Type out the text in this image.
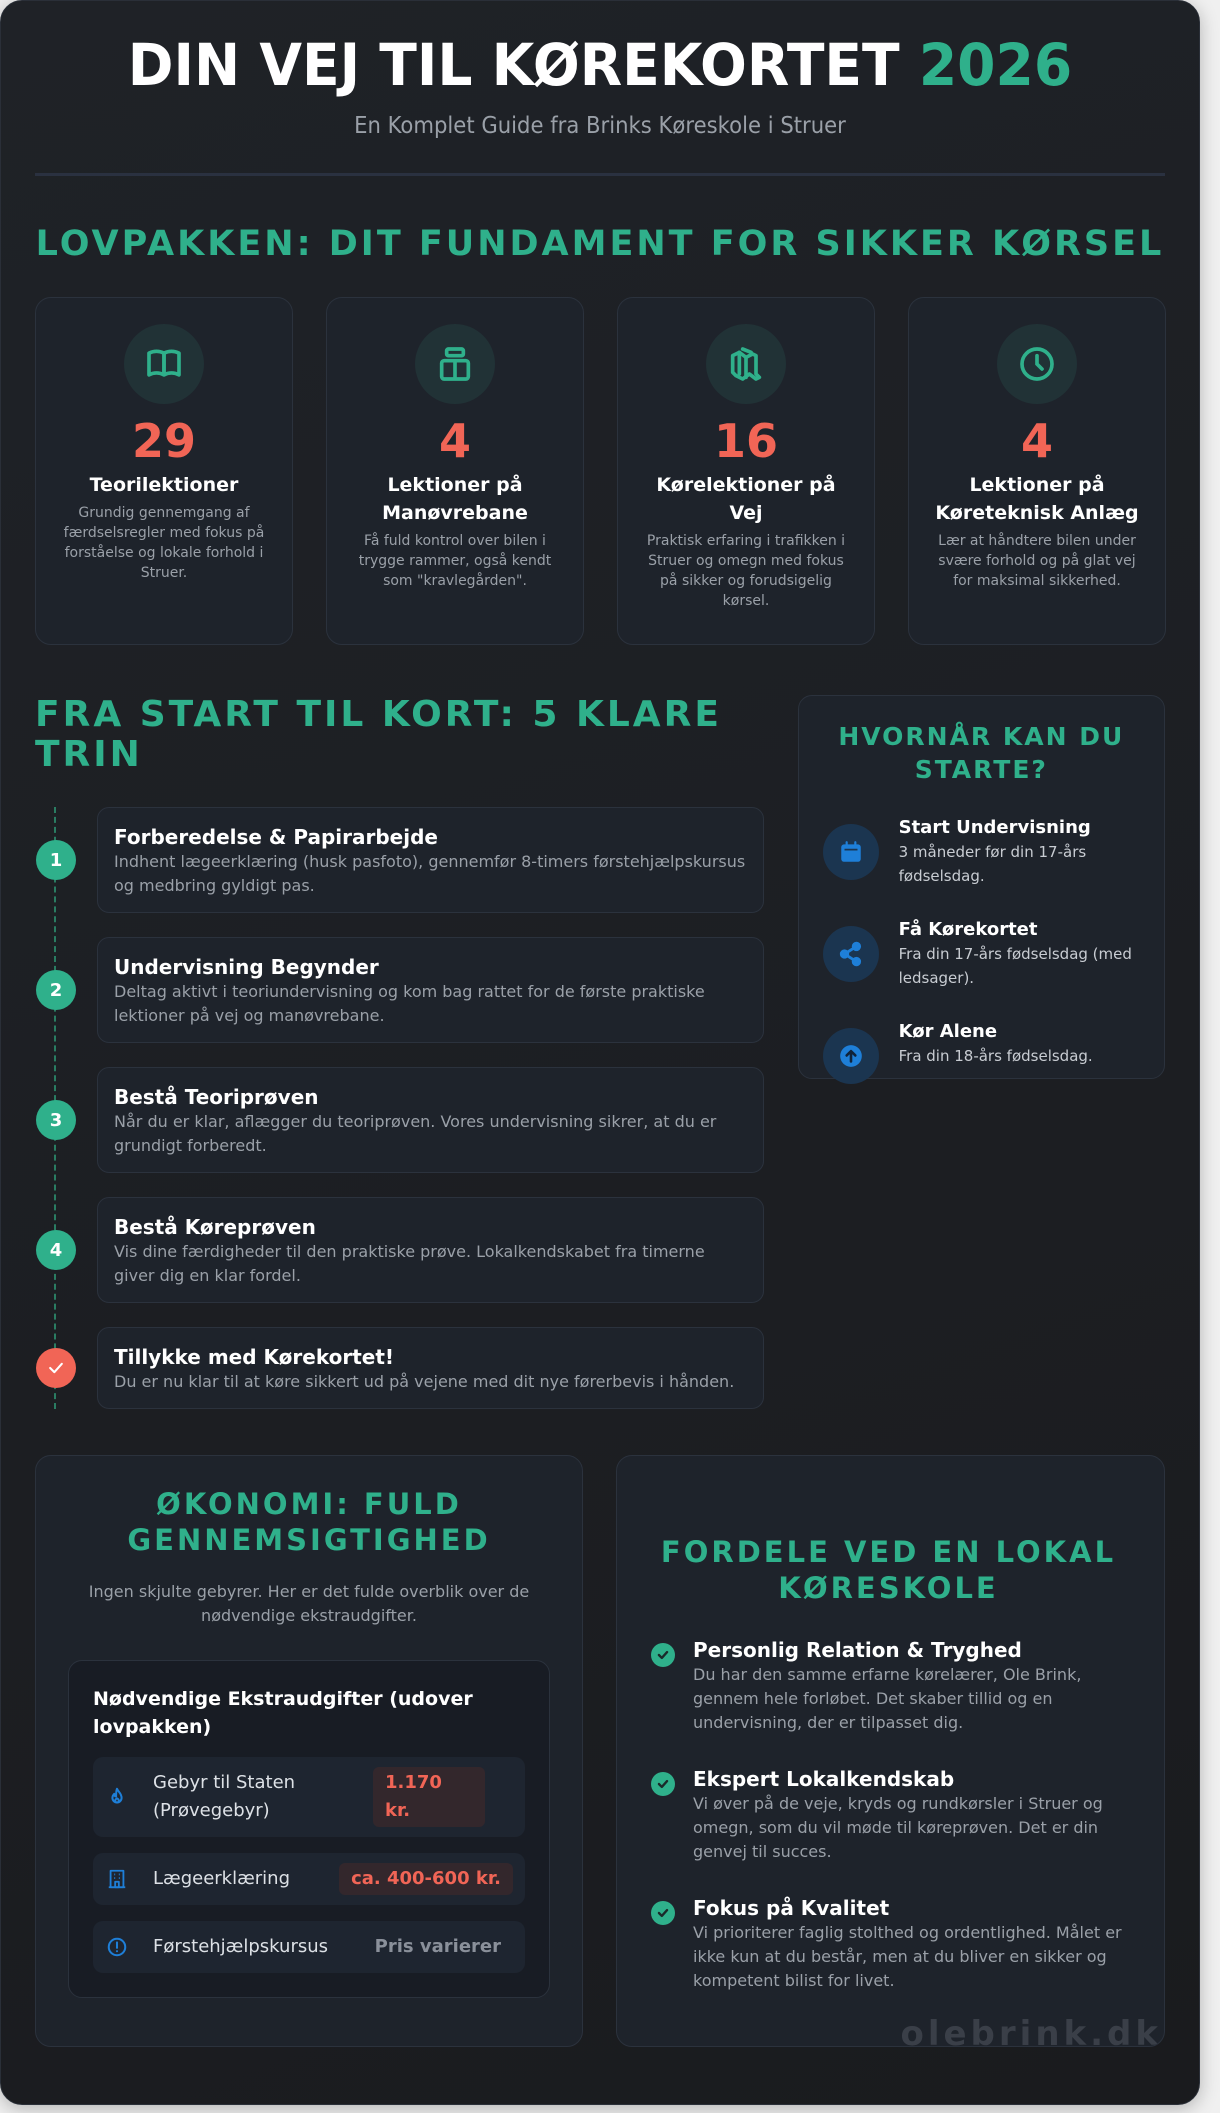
DIN VEJ TIL KØREKORTET 2026
En Komplet Guide fra Brinks Køreskole i Struer
LOVPAKKEN: DIT FUNDAMENT FOR SIKKER KØRSEL
29
Teorilektioner
Grundig gennemgang af færdselsregler med fokus på forståelse og lokale forhold i Struer.
4
Lektioner på Manøvrebane
Få fuld kontrol over bilen i trygge rammer, også kendt som "kravlegården".
16
Kørelektioner på Vej
Praktisk erfaring i trafikken i Struer og omegn med fokus på sikker og forudsigelig kørsel.
4
Lektioner på Køreteknisk Anlæg
Lær at håndtere bilen under svære forhold og på glat vej for maksimal sikkerhed.
FRA START TIL KORT: 5 KLARE TRIN
1
Forberedelse & Papirarbejde
Indhent lægeerklæring (husk pasfoto), gennemfør 8-timers førstehjælpskursus og medbring gyldigt pas.
2
Undervisning Begynder
Deltag aktivt i teoriundervisning og kom bag rattet for de første praktiske lektioner på vej og manøvrebane.
3
Bestå Teoriprøven
Når du er klar, aflægger du teoriprøven. Vores undervisning sikrer, at du er grundigt forberedt.
4
Bestå Køreprøven
Vis dine færdigheder til den praktiske prøve. Lokalkendskabet fra timerne giver dig en klar fordel.
Tillykke med Kørekortet!
Du er nu klar til at køre sikkert ud på vejene med dit nye førerbevis i hånden.
HVORNÅR KAN DU STARTE?
Start Undervisning
3 måneder før din 17-års fødselsdag.
Få Kørekortet
Fra din 17-års fødselsdag (med ledsager).
Kør Alene
Fra din 18-års fødselsdag.
ØKONOMI: FULD GENNEMSIGTIGHED
Ingen skjulte gebyrer. Her er det fulde overblik over de nødvendige ekstraudgifter.
Nødvendige Ekstraudgifter (udover lovpakken)
Gebyr til Staten (Prøvegebyr)
1.170 kr.
Lægeerklæring	ca. 400-600 kr.
Førstehjælpskursus	Pris varierer
FORDELE VED EN LOKAL KØRESKOLE
Personlig Relation & Tryghed
Du har den samme erfarne kørelærer, Ole Brink, gennem hele forløbet. Det skaber tillid og en undervisning, der er tilpasset dig.
Ekspert Lokalkendskab
Vi øver på de veje, kryds og rundkørsler i Struer og omegn, som du vil møde til køreprøven. Det er din genvej til succes.
Fokus på Kvalitet
Vi prioriterer faglig stolthed og ordentlighed. Målet er ikke kun at du består, men at du bliver en sikker og kompetent bilist for livet.
olebrink.dk
